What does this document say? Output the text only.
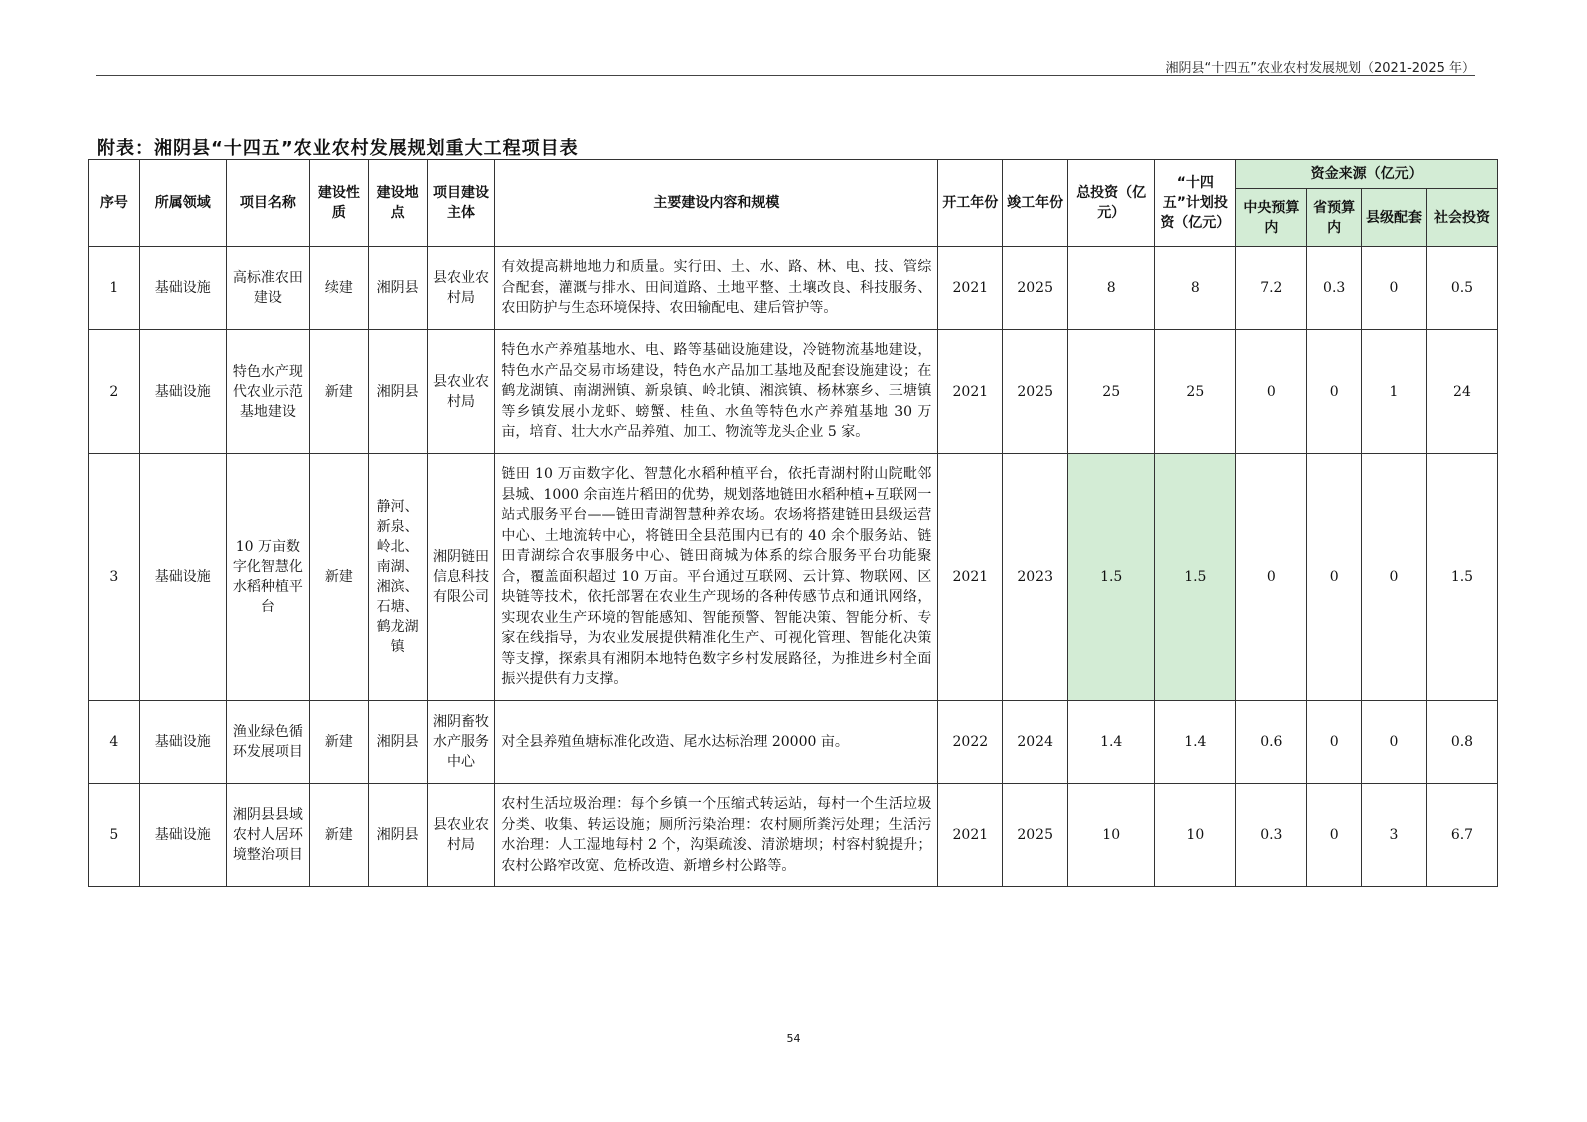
湘阴县“十四五”农业农村发展规划（2021-2025 年）
附表：湘阴县“十四五”农业农村发展规划重大工程项目表
序号	所属领域	项目名称	建设性质	建设地点	项目建设主体	主要建设内容和规模	开工年份	竣工年份	总投资（亿元）	“十四五”计划投资（亿元）	资金来源（亿元）			
											中央预算内	省预算内	县级配套	社会投资
1	基础设施	高标准农田建设	续建	湘阴县	县农业农村局	有效提高耕地地力和质量。实行田、土、水、路、林、电、技、管综合配套，灌溉与排水、田间道路、土地平整、土壤改良、科技服务、农田防护与生态环境保持、农田输配电、建后管护等。	2021	2025	8	8	7.2	0.3	0	0.5
2	基础设施	特色水产现代农业示范基地建设	新建	湘阴县	县农业农村局	特色水产养殖基地水、电、路等基础设施建设，冷链物流基地建设，特色水产品交易市场建设，特色水产品加工基地及配套设施建设；在鹤龙湖镇、南湖洲镇、新泉镇、岭北镇、湘滨镇、杨林寨乡、三塘镇等乡镇发展小龙虾、螃蟹、桂鱼、水鱼等特色水产养殖基地 30 万亩，培育、壮大水产品养殖、加工、物流等龙头企业 5 家。	2021	2025	25	25	0	0	1	24
3	基础设施	10 万亩数字化智慧化水稻种植平台	新建	静河、新泉、岭北、南湖、湘滨、石塘、鹤龙湖镇	湘阴链田信息科技有限公司	链田 10 万亩数字化、智慧化水稻种植平台，依托青湖村附山院毗邻县城、1000 余亩连片稻田的优势，规划落地链田水稻种植+互联网一站式服务平台——链田青湖智慧种养农场。农场将搭建链田县级运营中心、土地流转中心，将链田全县范围内已有的 40 余个服务站、链田青湖综合农事服务中心、链田商城为体系的综合服务平台功能聚合，覆盖面积超过 10 万亩。平台通过互联网、云计算、物联网、区块链等技术，依托部署在农业生产现场的各种传感节点和通讯网络，实现农业生产环境的智能感知、智能预警、智能决策、智能分析、专家在线指导，为农业发展提供精准化生产、可视化管理、智能化决策等支撑，探索具有湘阴本地特色数字乡村发展路径，为推进乡村全面振兴提供有力支撑。	2021	2023	1.5	1.5	0	0	0	1.5
4	基础设施	渔业绿色循环发展项目	新建	湘阴县	湘阴畜牧水产服务中心	对全县养殖鱼塘标准化改造、尾水达标治理 20000 亩。	2022	2024	1.4	1.4	0.6	0	0	0.8
5	基础设施	湘阴县县域农村人居环境整治项目	新建	湘阴县	县农业农村局	农村生活垃圾治理：每个乡镇一个压缩式转运站，每村一个生活垃圾分类、收集、转运设施；厕所污染治理：农村厕所粪污处理；生活污水治理：人工湿地每村 2 个，沟渠疏浚、清淤塘坝；村容村貌提升；农村公路窄改宽、危桥改造、新增乡村公路等。	2021	2025	10	10	0.3	0	3	6.7
54
